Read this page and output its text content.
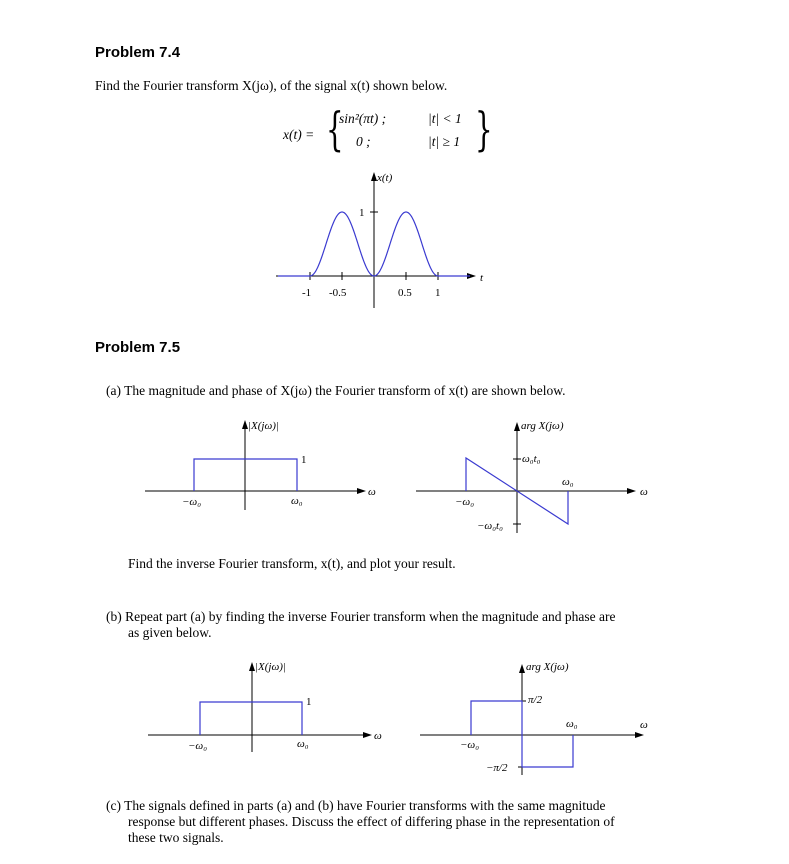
Problem 7.4
Find the Fourier transform X(jω), of the signal x(t) shown below.
x(t) = {
sin²(πt) ;	|t| < 1
0 ;	|t| ≥ 1 }
x(t)
t
1
-1 -0.5	0.5 1
|X(jω)|
1
−ω₀	ω₀
ω
arg X(jω)
ω₀t₀
−ω₀t₀
−ω₀
ω₀
ω
|X(jω)|
1
−ω₀	ω₀
ω
arg X(jω)
π/2
−π/2
−ω₀
ω₀	ω
Problem 7.5
(a) The magnitude and phase of X(jω) the Fourier transform of x(t) are shown below.
Find the inverse Fourier transform, x(t), and plot your result.
(b) Repeat part (a) by finding the inverse Fourier transform when the magnitude and phase are
as given below.
(c) The signals defined in parts (a) and (b) have Fourier transforms with the same magnitude
response but different phases. Discuss the effect of differing phase in the representation of
these two signals.
